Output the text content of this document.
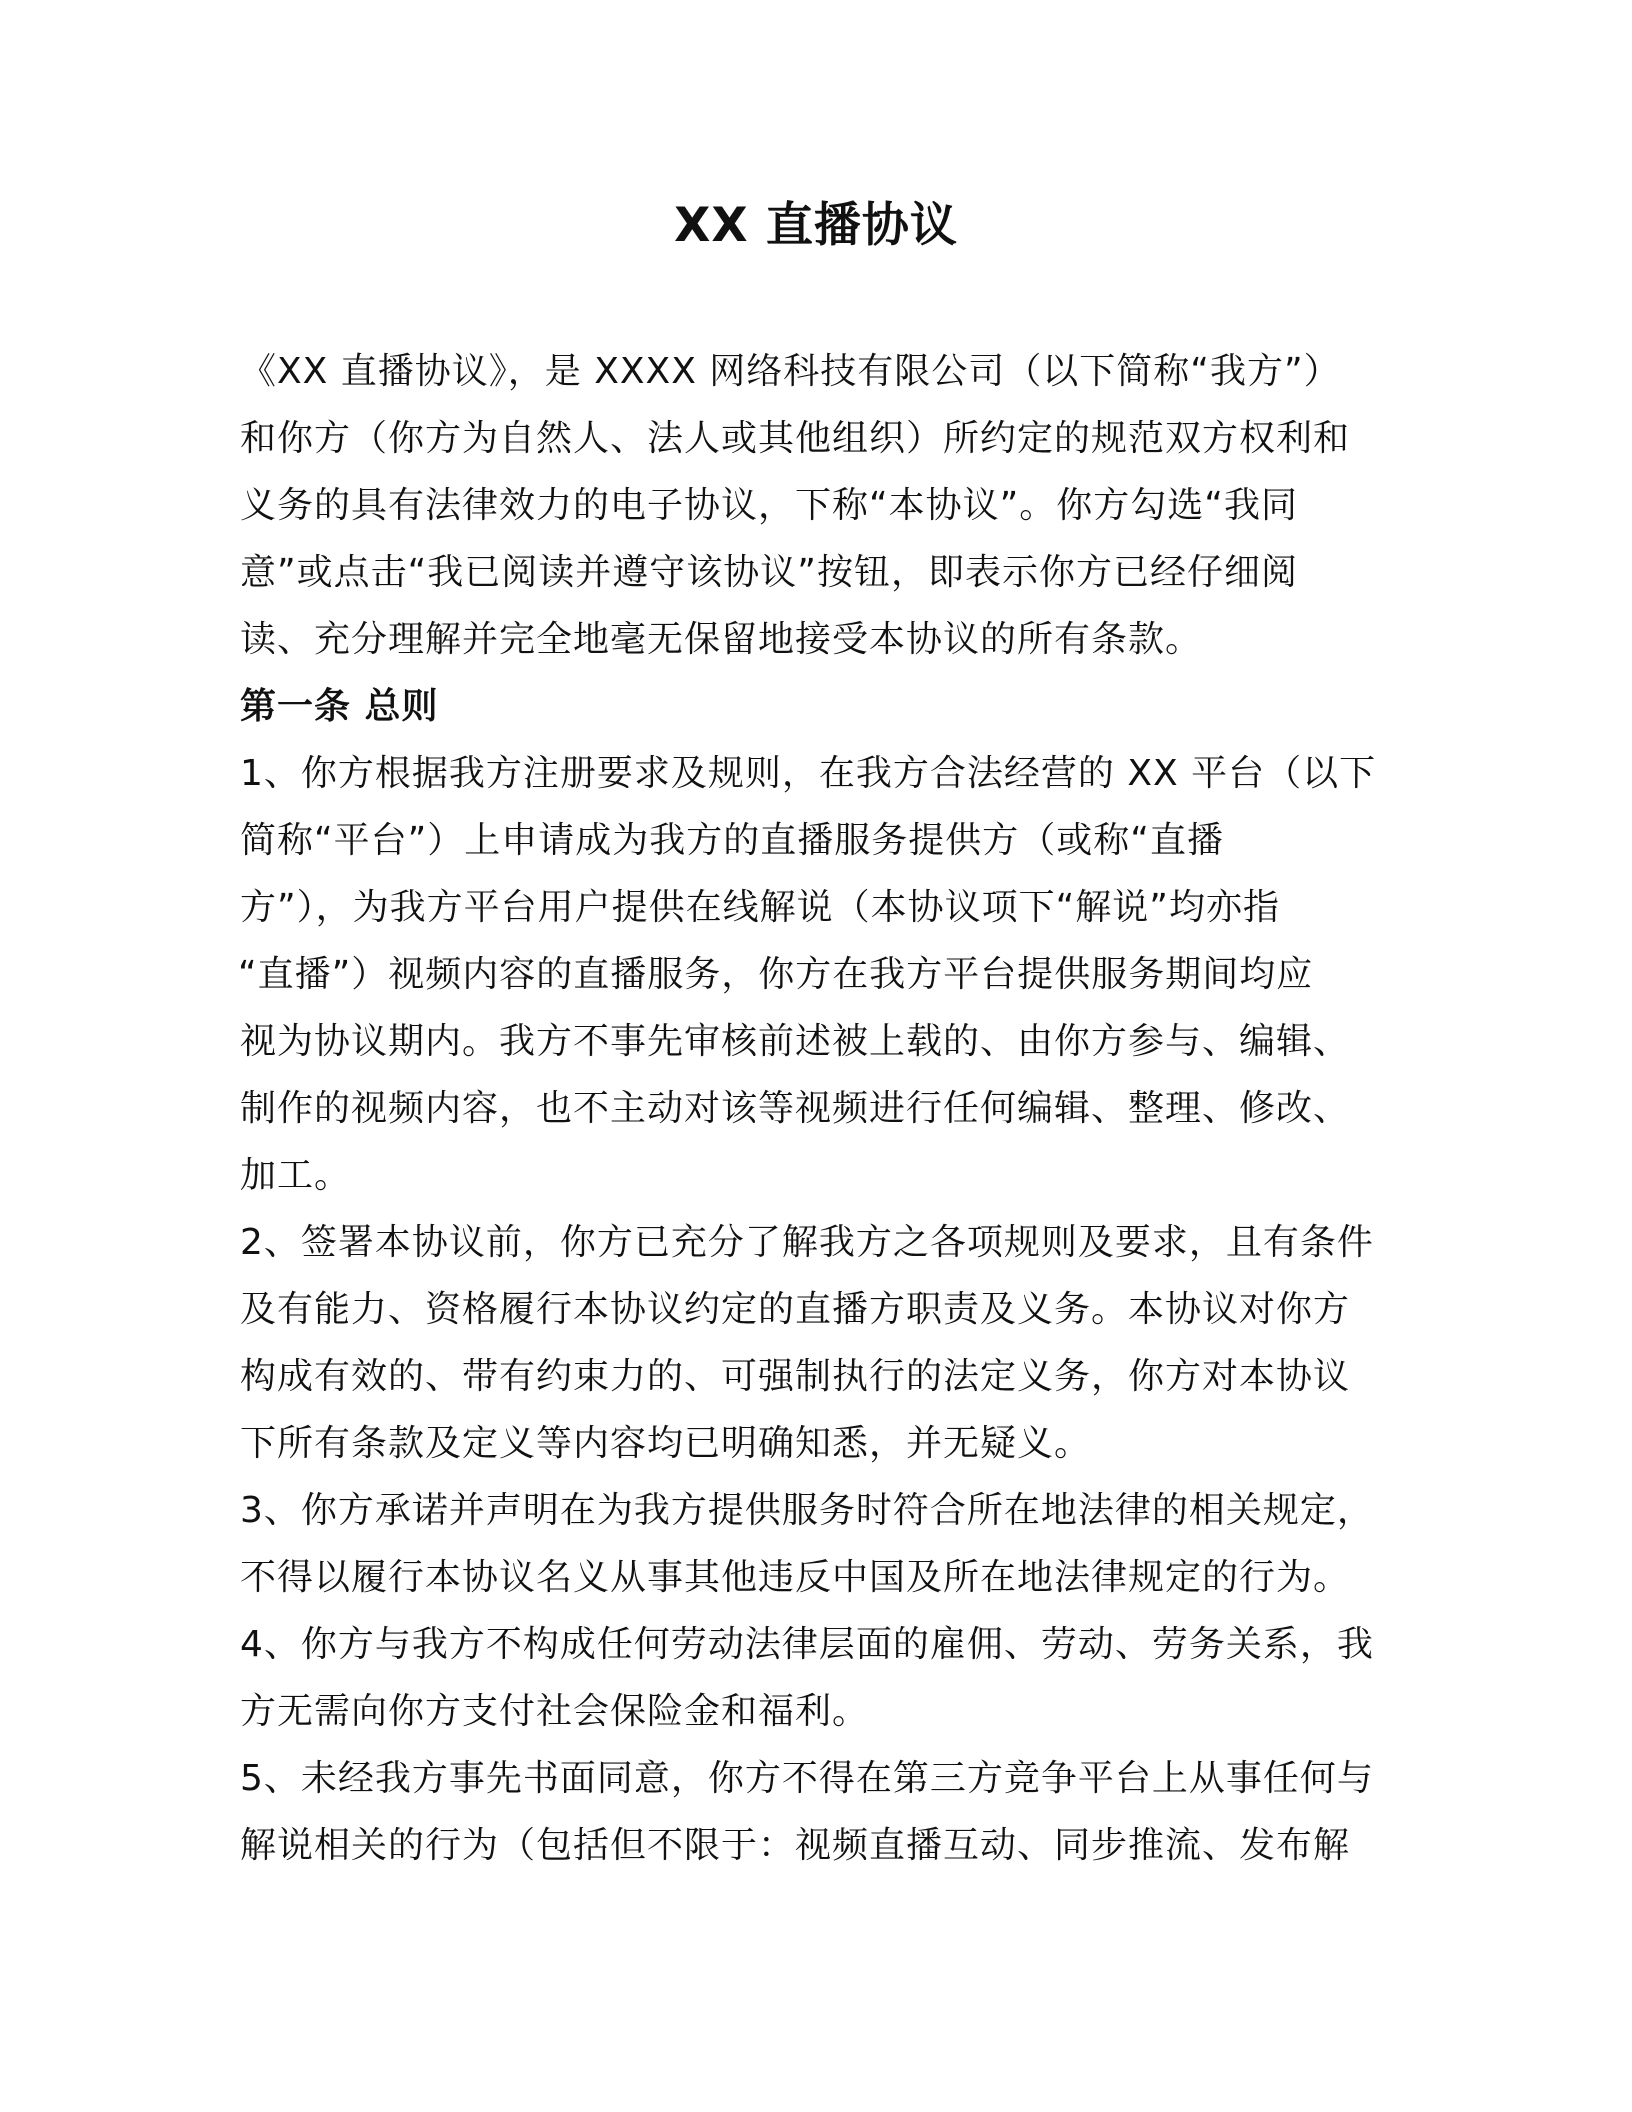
XX 直播协议
《XX 直播协议》，是 XXXX 网络科技有限公司（以下简称“我方”）
和你方（你方为自然人、法人或其他组织）所约定的规范双方权利和
义务的具有法律效力的电子协议，下称“本协议”。你方勾选“我同
意”或点击“我已阅读并遵守该协议”按钮，即表示你方已经仔细阅
读、充分理解并完全地毫无保留地接受本协议的所有条款。
第一条 总则
1、你方根据我方注册要求及规则，在我方合法经营的 XX 平台（以下
简称“平台”）上申请成为我方的直播服务提供方（或称“直播
方”），为我方平台用户提供在线解说（本协议项下“解说”均亦指
“直播”）视频内容的直播服务，你方在我方平台提供服务期间均应
视为协议期内。我方不事先审核前述被上载的、由你方参与、编辑、
制作的视频内容，也不主动对该等视频进行任何编辑、整理、修改、
加工。
2、签署本协议前，你方已充分了解我方之各项规则及要求，且有条件
及有能力、资格履行本协议约定的直播方职责及义务。本协议对你方
构成有效的、带有约束力的、可强制执行的法定义务，你方对本协议
下所有条款及定义等内容均已明确知悉，并无疑义。
3、你方承诺并声明在为我方提供服务时符合所在地法律的相关规定，
不得以履行本协议名义从事其他违反中国及所在地法律规定的行为。
4、你方与我方不构成任何劳动法律层面的雇佣、劳动、劳务关系，我
方无需向你方支付社会保险金和福利。
5、未经我方事先书面同意，你方不得在第三方竞争平台上从事任何与
解说相关的行为（包括但不限于：视频直播互动、同步推流、发布解
